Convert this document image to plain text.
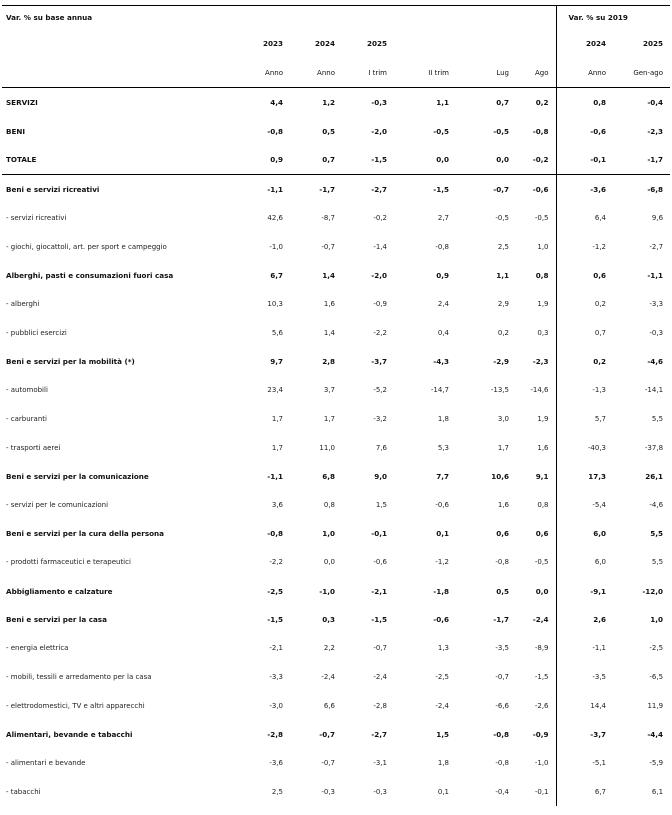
Var. % su base annua							Var. % su 2019	
	2023	2024	2025				2024	2025
	Anno	Anno	I trim	II trim	Lug	Ago	Anno	Gen-ago
SERVIZI	4,4	1,2	-0,3	1,1	0,7	0,2	0,8	-0,4
BENI	-0,8	0,5	-2,0	-0,5	-0,5	-0,8	-0,6	-2,3
TOTALE	0,9	0,7	-1,5	0,0	0,0	-0,2	-0,1	-1,7
Beni e servizi ricreativi	-1,1	-1,7	-2,7	-1,5	-0,7	-0,6	-3,6	-6,8
- servizi ricreativi	42,6	-8,7	-0,2	2,7	-0,5	-0,5	6,4	9,6
- giochi, giocattoli, art. per sport e campeggio	-1,0	-0,7	-1,4	-0,8	2,5	1,0	-1,2	-2,7
Alberghi, pasti e consumazioni fuori casa	6,7	1,4	-2,0	0,9	1,1	0,8	0,6	-1,1
- alberghi	10,3	1,6	-0,9	2,4	2,9	1,9	0,2	-3,3
- pubblici esercizi	5,6	1,4	-2,2	0,4	0,2	0,3	0,7	-0,3
Beni e servizi per la mobilità (*)	9,7	2,8	-3,7	-4,3	-2,9	-2,3	0,2	-4,6
- automobili	23,4	3,7	-5,2	-14,7	-13,5	-14,6	-1,3	-14,1
- carburanti	1,7	1,7	-3,2	1,8	3,0	1,9	5,7	5,5
- trasporti aerei	1,7	11,0	7,6	5,3	1,7	1,6	-40,3	-37,8
Beni e servizi per la comunicazione	-1,1	6,8	9,0	7,7	10,6	9,1	17,3	26,1
- servizi per le comunicazioni	3,6	0,8	1,5	-0,6	1,6	0,8	-5,4	-4,6
Beni e servizi per la cura della persona	-0,8	1,0	-0,1	0,1	0,6	0,6	6,0	5,5
- prodotti farmaceutici e terapeutici	-2,2	0,0	-0,6	-1,2	-0,8	-0,5	6,0	5,5
Abbigliamento e calzature	-2,5	-1,0	-2,1	-1,8	0,5	0,0	-9,1	-12,0
Beni e servizi per la casa	-1,5	0,3	-1,5	-0,6	-1,7	-2,4	2,6	1,0
- energia elettrica	-2,1	2,2	-0,7	1,3	-3,5	-8,9	-1,1	-2,5
- mobili, tessili e arredamento per la casa	-3,3	-2,4	-2,4	-2,5	-0,7	-1,5	-3,5	-6,5
- elettrodomestici, TV e altri apparecchi	-3,0	6,6	-2,8	-2,4	-6,6	-2,6	14,4	11,9
Alimentari, bevande e tabacchi	-2,8	-0,7	-2,7	1,5	-0,8	-0,9	-3,7	-4,4
- alimentari e bevande	-3,6	-0,7	-3,1	1,8	-0,8	-1,0	-5,1	-5,9
- tabacchi	2,5	-0,3	-0,3	0,1	-0,4	-0,1	6,7	6,1
